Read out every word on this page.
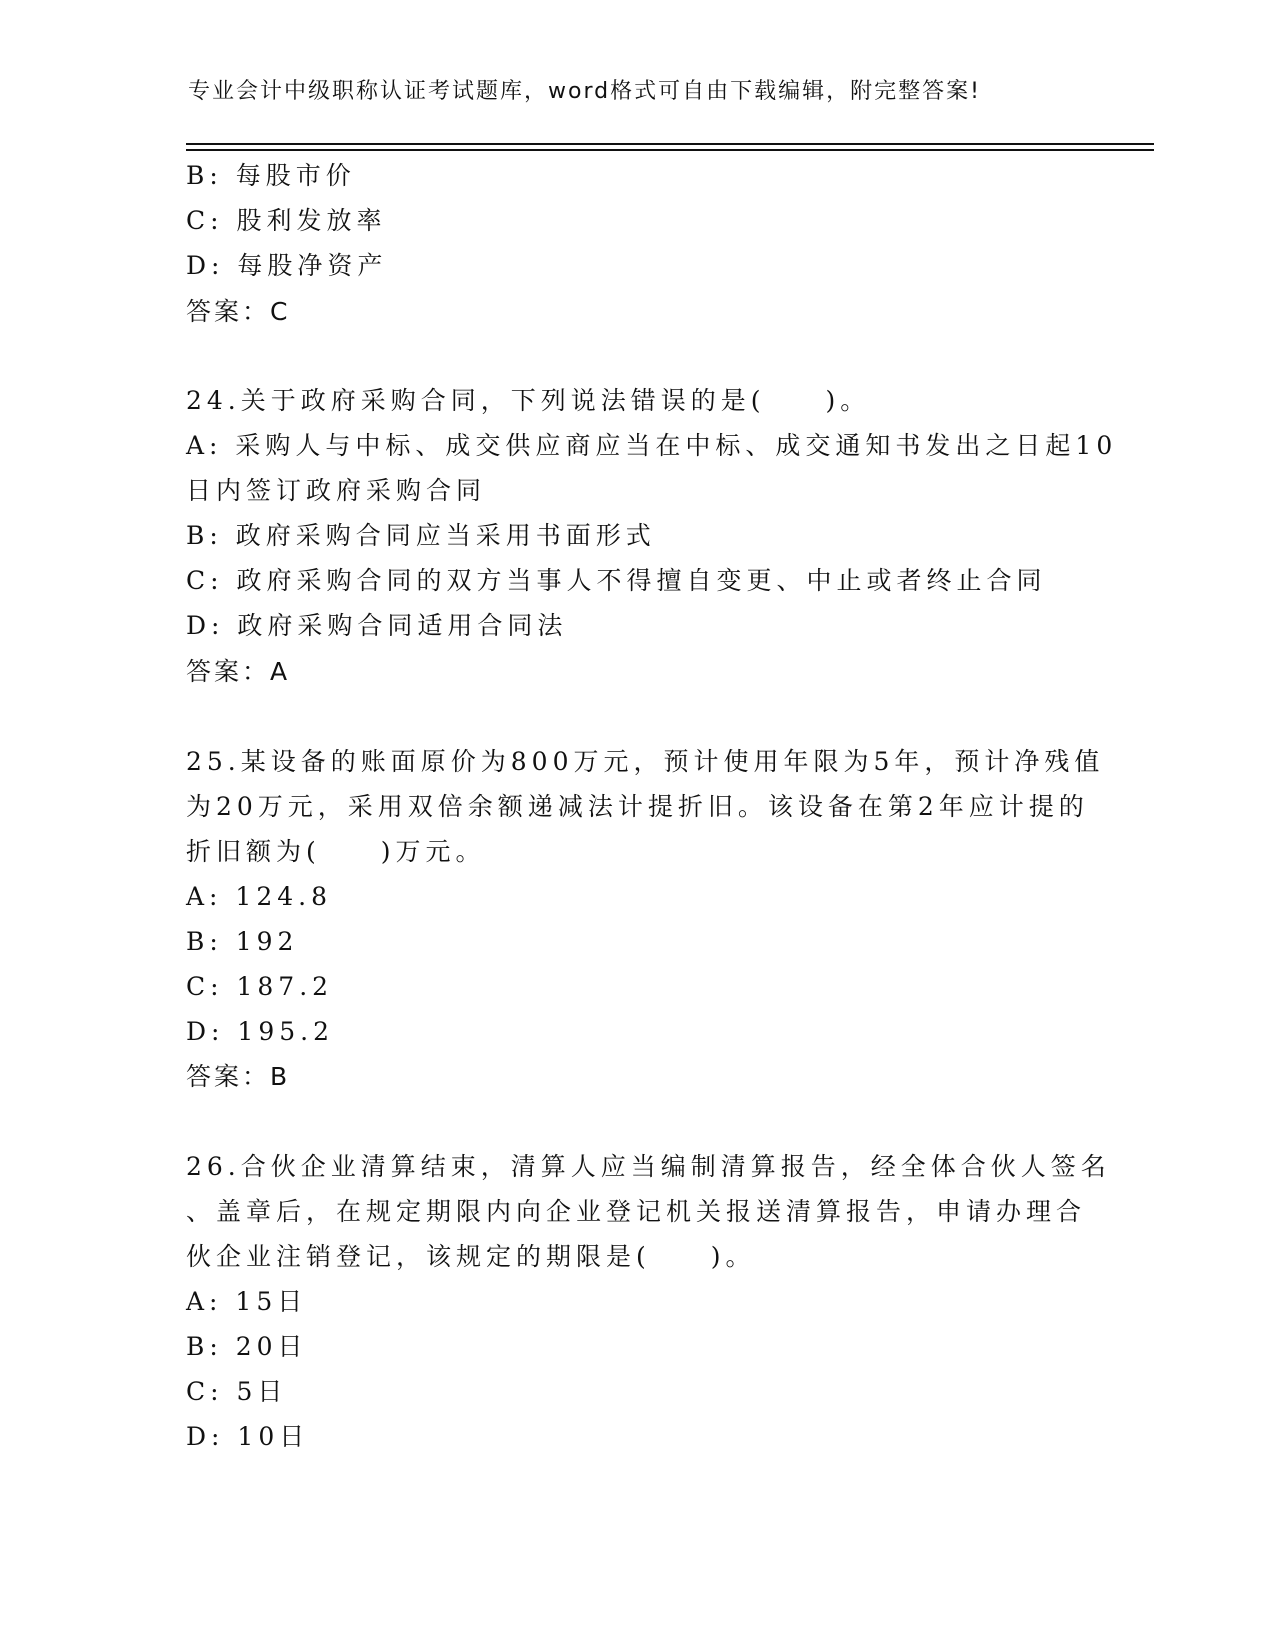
专业会计中级职称认证考试题库，word格式可自由下载编辑，附完整答案!
B: 每股市价
C: 股利发放率
D: 每股净资产
答案：C
24.关于政府采购合同，下列说法错误的是(　　)。
A: 采购人与中标、成交供应商应当在中标、成交通知书发出之日起10
日内签订政府采购合同
B: 政府采购合同应当采用书面形式
C: 政府采购合同的双方当事人不得擅自变更、中止或者终止合同
D: 政府采购合同适用合同法
答案：A
25.某设备的账面原价为800万元，预计使用年限为5年，预计净残值
为20万元，采用双倍余额递减法计提折旧。该设备在第2年应计提的
折旧额为(　　)万元。
A: 124.8
B: 192
C: 187.2
D: 195.2
答案：B
26.合伙企业清算结束，清算人应当编制清算报告，经全体合伙人签名
、盖章后，在规定期限内向企业登记机关报送清算报告，申请办理合
伙企业注销登记，该规定的期限是(　　)。
A: 15日
B: 20日
C: 5日
D: 10日
